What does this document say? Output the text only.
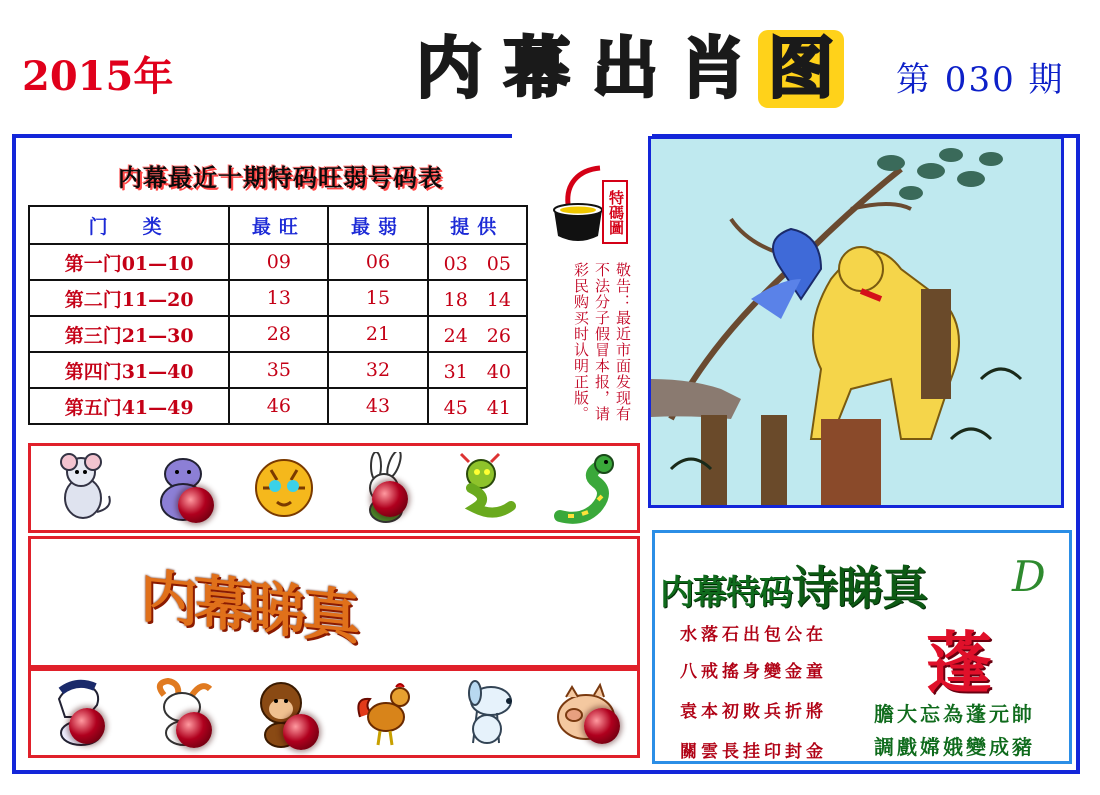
2015年	内 幕 出 肖 图 第 030 期
内幕最近十期特码旺弱号码表
门　类	最旺	最弱	提供
第一门01—10	09	06	03　05
第二门11—20	13	15	18　14
第三门21—30	28	21	24　26
第四门31—40	35	32	31　40
第五门41—49	46	43	45　41
特碼圖
敬告：最近市面发现有不法分子假冒本报，请彩民购买时认明正版。
内幕睇真	内幕特码诗睇真 D
水落石出包公在
八戒搖身變金童
袁本初敗兵折將
關雲長挂印封金
蓬
膽大忘為蓬元帥
調戲嫦娥變成豬
